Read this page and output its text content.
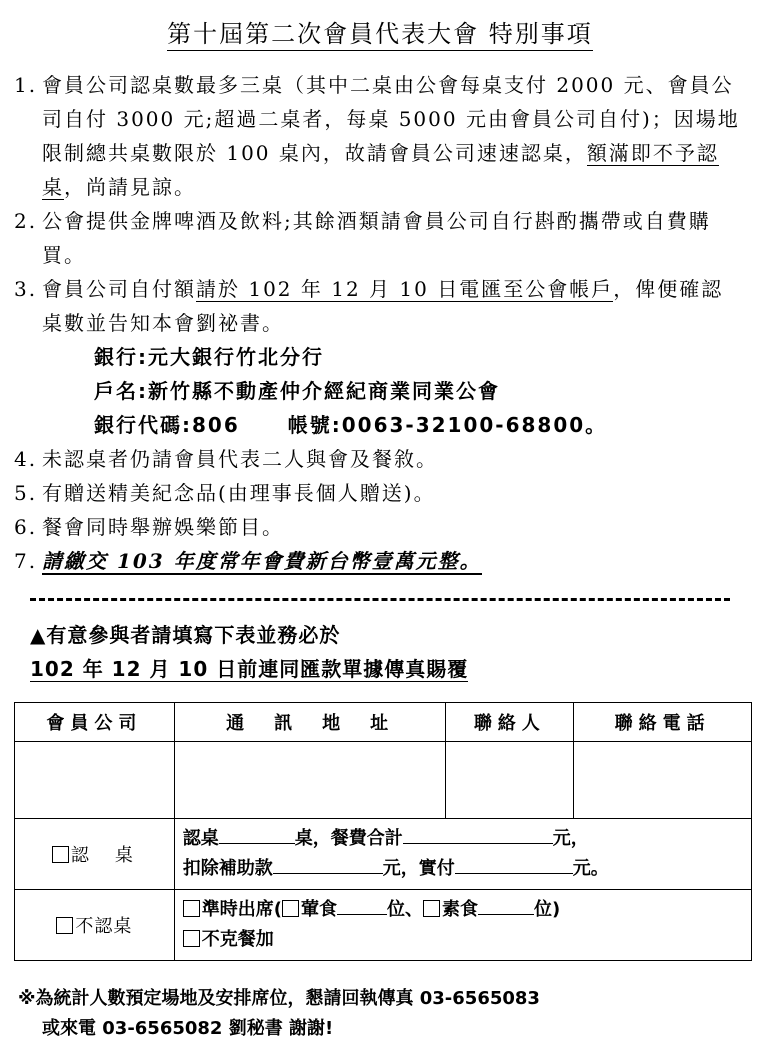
第十屆第二次會員代表大會 特別事項
1. 會員公司認桌數最多三桌（其中二桌由公會每桌支付 2000 元、會員公司自付 3000 元;超過二桌者，每桌 5000 元由會員公司自付)；因場地限制總共桌數限於 100 桌內，故請會員公司速速認桌，額滿即不予認桌，尚請見諒。
2. 公會提供金牌啤酒及飲料;其餘酒類請會員公司自行斟酌攜帶或自費購買。
3. 會員公司自付額請於 102 年 12 月 10 日電匯至公會帳戶，俾便確認桌數並告知本會劉祕書。
銀行:元大銀行竹北分行
戶名:新竹縣不動產仲介經紀商業同業公會
銀行代碼:806 帳號:0063-32100-68800。
4. 未認桌者仍請會員代表二人與會及餐敘。
5. 有贈送精美紀念品(由理事長個人贈送)。
6. 餐會同時舉辦娛樂節目。
7. 請繳交 103 年度常年會費新台幣壹萬元整。
▲有意參與者請填寫下表並務必於
102 年 12 月 10 日前連同匯款單據傳真賜覆
會員公司	通　訊　地　址	聯絡人	聯絡電話

認　桌	認桌 桌，餐費合計 元，
扣除補助款 元，實付 元。		

不認桌	準時出席( 葷食 位、 素食 位)
不克餐加		
※為統計人數預定場地及安排席位，懇請回執傳真 03-6565083
或來電 03-6565082 劉秘書 謝謝!
